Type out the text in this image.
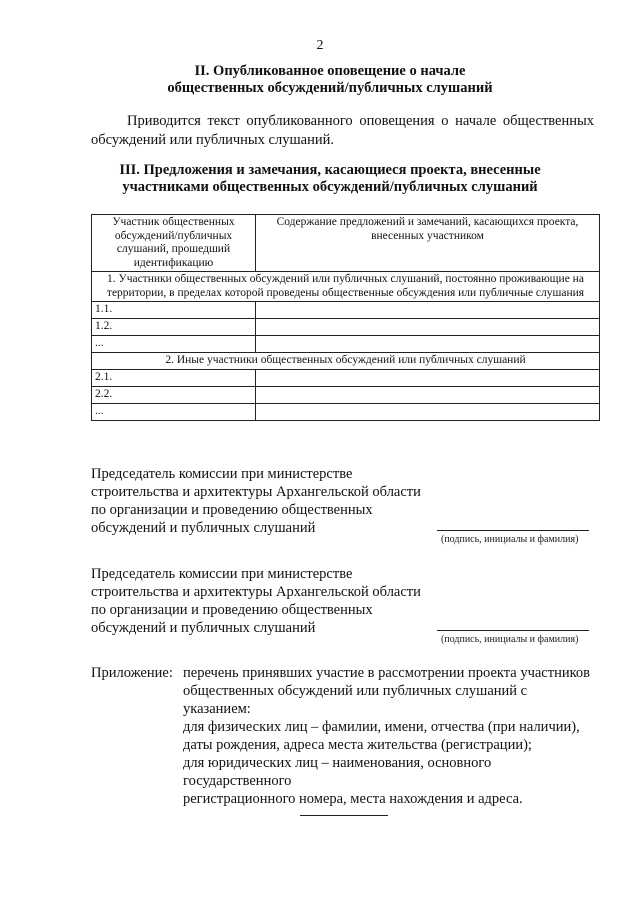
2
II. Опубликованное оповещение о начале
общественных обсуждений/публичных слушаний
Приводится текст опубликованного оповещения о начале общественных обсуждений или публичных слушаний.
III. Предложения и замечания, касающиеся проекта, внесенные
участниками общественных обсуждений/публичных слушаний
Участник общественных обсуждений/публичных слушаний, прошедший идентификацию	Содержание предложений и замечаний, касающихся проекта, внесенных участником
1. Участники общественных обсуждений или публичных слушаний, постоянно проживающие на территории, в пределах которой проведены общественные обсуждения или публичные слушания	
1.1.	
1.2.	
...	
2. Иные участники общественных обсуждений или публичных слушаний	
2.1.	
2.2.	
...	
Председатель комиссии при министерстве
строительства и архитектуры Архангельской области
по организации и проведению общественных
обсуждений и публичных слушаний
(подпись, инициалы и фамилия)
Председатель комиссии при министерстве
строительства и архитектуры Архангельской области
по организации и проведению общественных
обсуждений и публичных слушаний
(подпись, инициалы и фамилия)
Приложение: перечень принявших участие в рассмотрении проекта участников
общественных обсуждений или публичных слушаний с указанием:
для физических лиц – фамилии, имени, отчества (при наличии),
даты рождения, адреса места жительства (регистрации);
для юридических лиц – наименования, основного государственного
регистрационного номера, места нахождения и адреса.
